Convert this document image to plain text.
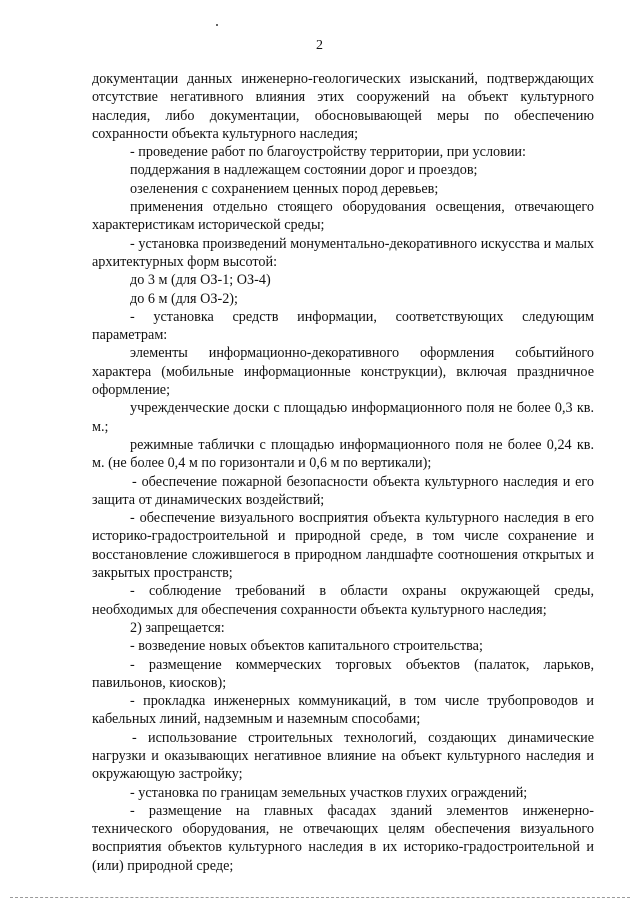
2

документации данных инженерно-геологических изысканий, подтверждающих отсутствие негативного влияния этих сооружений на объект культурного наследия, либо документации, обосновывающей меры по обеспечению сохранности объекта культурного наследия;

- проведение работ по благоустройству территории, при условии:

поддержания в надлежащем состоянии дорог и проездов;

озеленения с сохранением ценных пород деревьев;

применения отдельно стоящего оборудования освещения, отвечающего характеристикам исторической среды;

- установка произведений монументально-декоративного искусства и малых архитектурных форм высотой:

до 3 м (для ОЗ-1; ОЗ-4)

до 6 м (для ОЗ-2);

- установка средств информации, соответствующих следующим параметрам:

элементы информационно-декоративного оформления событийного характера (мобильные информационные конструкции), включая праздничное оформление;

учрежденческие доски с площадью информационного поля не более 0,3 кв. м.;

режимные таблички с площадью информационного поля не более 0,24 кв. м. (не более 0,4 м по горизонтали и 0,6 м по вертикали);

- обеспечение пожарной безопасности объекта культурного наследия и его защита от динамических воздействий;

- обеспечение визуального восприятия объекта культурного наследия в его историко-градостроительной и природной среде, в том числе сохранение и восстановление сложившегося в природном ландшафте соотношения открытых и закрытых пространств;

- соблюдение требований в области охраны окружающей среды, необходимых для обеспечения сохранности объекта культурного наследия;

2) запрещается:

- возведение новых объектов капитального строительства;

- размещение коммерческих торговых объектов (палаток, ларьков, павильонов, киосков);

- прокладка инженерных коммуникаций, в том числе трубопроводов и кабельных линий, надземным и наземным способами;

- использование строительных технологий, создающих динамические нагрузки и оказывающих негативное влияние на объект культурного наследия и окружающую застройку;

- установка по границам земельных участков глухих ограждений;

- размещение на главных фасадах зданий элементов инженерно-технического оборудования, не отвечающих целям обеспечения визуального восприятия объектов культурного наследия в их историко-градостроительной и (или) природной среде;
